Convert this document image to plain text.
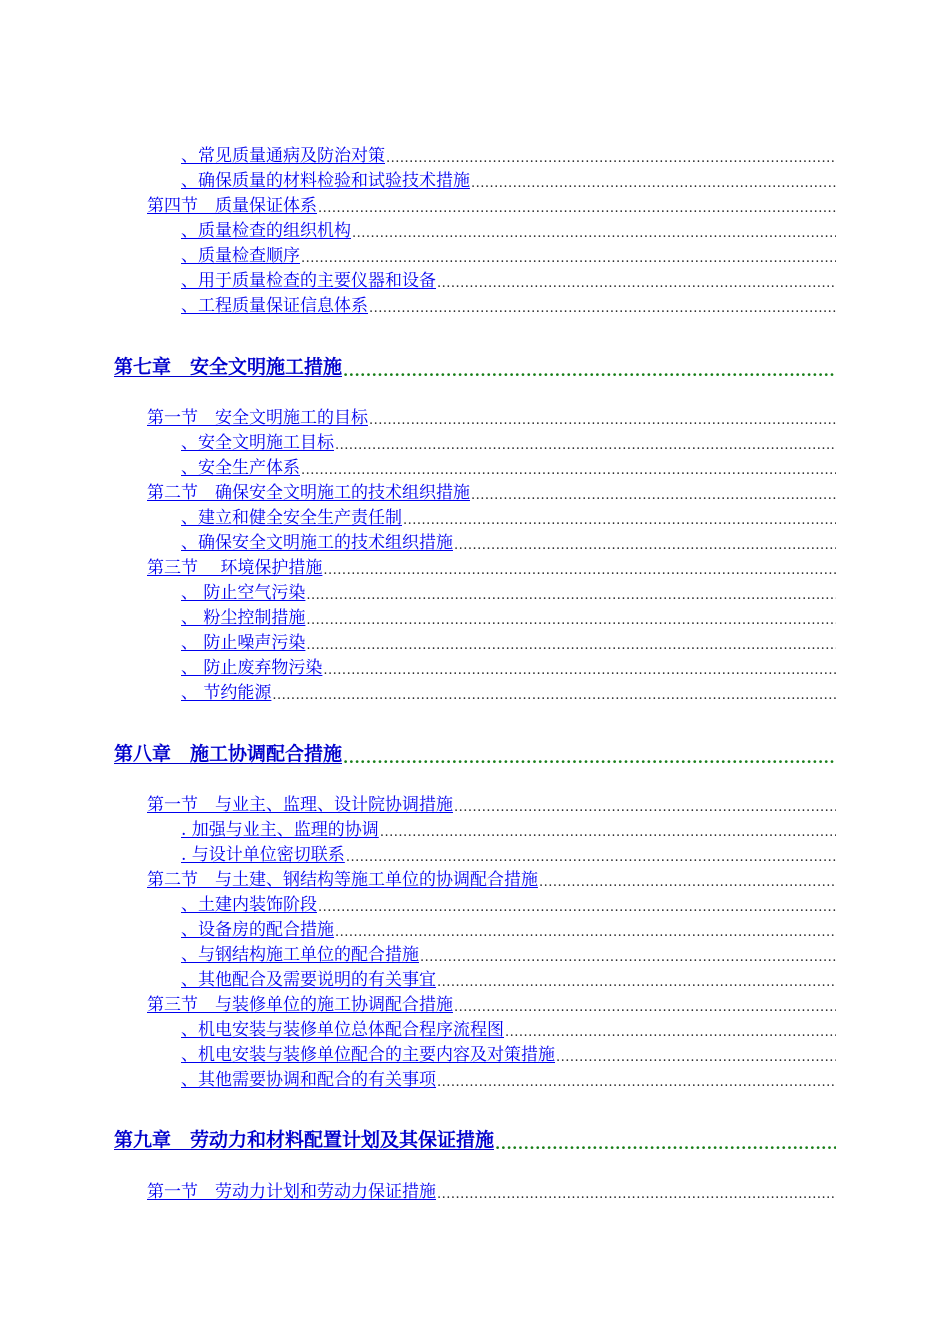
、常见质量通病及防治对策
.....
、确保质量的材料检验和试验技术措施
.....
第四节　质量保证体系
.....
、质量检查的组织机构
.....
、质量检查顺序
.....
、用于质量检查的主要仪器和设备
.....
、工程质量保证信息体系
.....
第七章　安全文明施工措施
.....
第一节　安全文明施工的目标
.....
、安全文明施工目标
.....
、安全生产体系
.....
第二节　确保安全文明施工的技术组织措施
.....
、建立和健全安全生产责任制
.....
、确保安全文明施工的技术组织措施
.....
第三节　 环境保护措施
.....
、 防止空气污染
.....
、 粉尘控制措施
.....
、 防止噪声污染
.....
、 防止废弃物污染
.....
、 节约能源
.....
第八章　施工协调配合措施
.....
第一节　与业主、监理、设计院协调措施
.....
. 加强与业主、监理的协调
.....
. 与设计单位密切联系
.....
第二节　与土建、钢结构等施工单位的协调配合措施
.....
、土建内装饰阶段
.....
、设备房的配合措施
.....
、与钢结构施工单位的配合措施
.....
、其他配合及需要说明的有关事宜
.....
第三节　与装修单位的施工协调配合措施
.....
、机电安装与装修单位总体配合程序流程图
.....
、机电安装与装修单位配合的主要内容及对策措施
.....
、其他需要协调和配合的有关事项
.....
第九章　劳动力和材料配置计划及其保证措施
.....
第一节　劳动力计划和劳动力保证措施
.....
